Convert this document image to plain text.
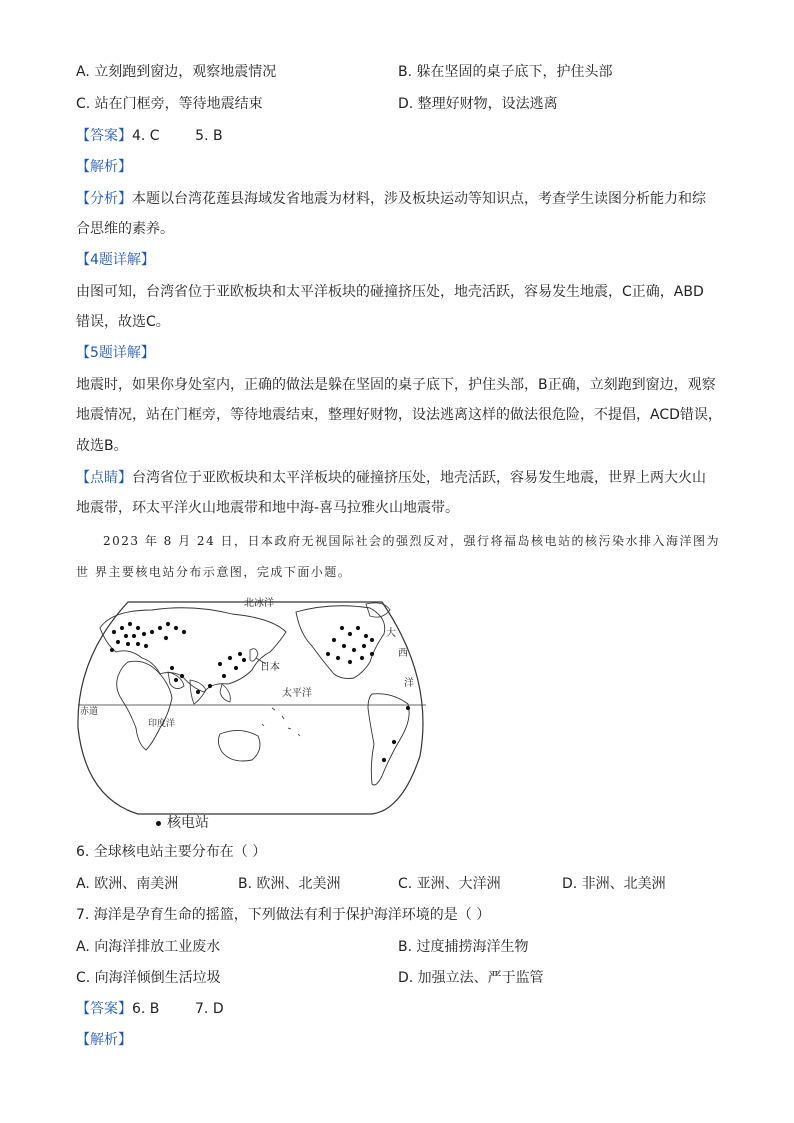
A. 立刻跑到窗边，观察地震情况	B. 躲在坚固的桌子底下，护住头部
C. 站在门框旁，等待地震结束	D. 整理好财物，设法逃离
【答案】4. C        5. B
【解析】
【分析】本题以台湾花莲县海域发省地震为材料，涉及板块运动等知识点，考查学生读图分析能力和综
合思维的素养。
【4题详解】
由图可知，台湾省位于亚欧板块和太平洋板块的碰撞挤压处，地壳活跃，容易发生地震，C正确，ABD
错误，故选C。
【5题详解】
地震时，如果你身处室内，正确的做法是躲在坚固的桌子底下，护住头部，B正确，立刻跑到窗边，观察
地震情况，站在门框旁，等待地震结束，整理好财物，设法逃离这样的做法很危险，不提倡，ACD错误，
故选B。
【点睛】台湾省位于亚欧板块和太平洋板块的碰撞挤压处，地壳活跃，容易发生地震，世界上两大火山
地震带，环太平洋火山地震带和地中海-喜马拉雅火山地震带。
2023 年 8 月 24 日，日本政府无视国际社会的强烈反对，强行将福岛核电站的核污染水排入海洋图为
世 界主要核电站分布示意图，完成下面小题。
北冰洋
大
西
洋
日本
太平洋
赤道
印度洋
核电站
6. 全球核电站主要分布在（ ）
A. 欧洲、南美洲	B. 欧洲、北美洲	C. 亚洲、大洋洲	D. 非洲、北美洲
7. 海洋是孕育生命的摇篮，下列做法有利于保护海洋环境的是（ ）
A. 向海洋排放工业废水	B. 过度捕捞海洋生物
C. 向海洋倾倒生活垃圾	D. 加强立法、严于监管
【答案】6. B        7. D
【解析】
